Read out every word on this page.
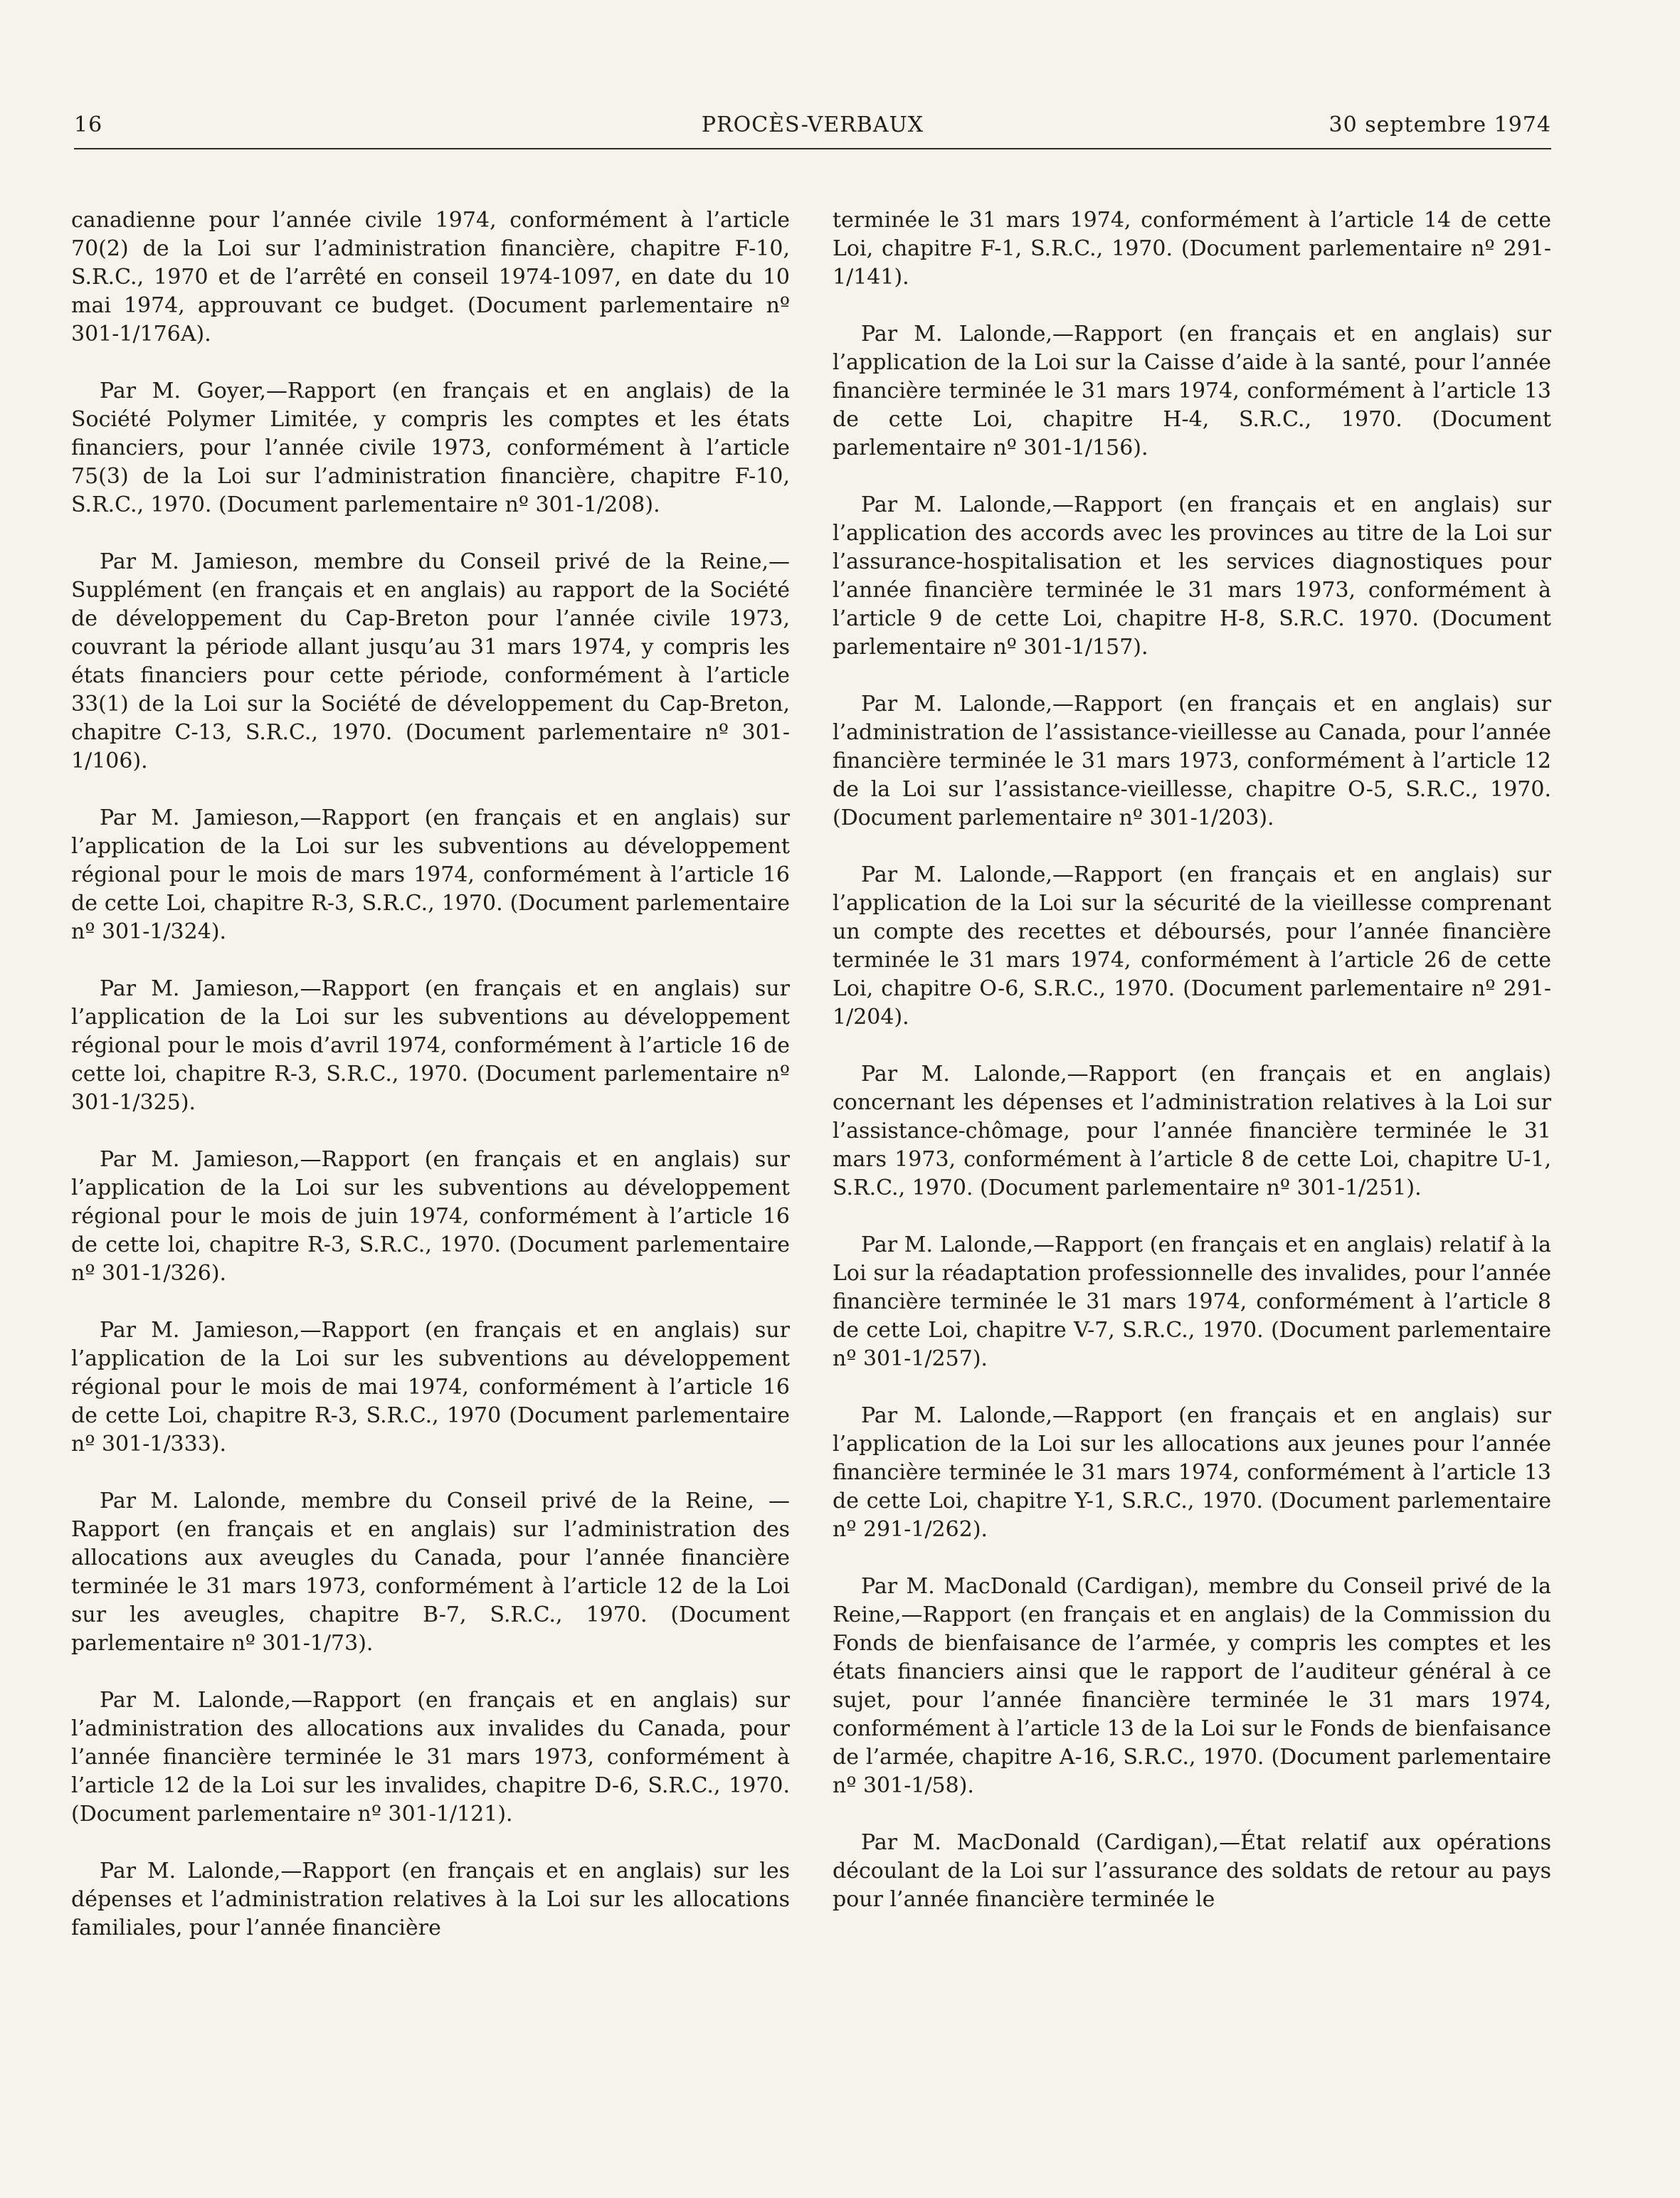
16	PROCÈS-VERBAUX	30 septembre 1974

canadienne pour l’année civile 1974, conformément à l’article 70(2) de la Loi sur l’administration financière, chapitre F-10, S.R.C., 1970 et de l’arrêté en conseil 1974-1097, en date du 10 mai 1974, approuvant ce budget. (Document parlementaire nº 301-1/176A).

Par M. Goyer,—Rapport (en français et en anglais) de la Société Polymer Limitée, y compris les comptes et les états financiers, pour l’année civile 1973, conformément à l’article 75(3) de la Loi sur l’administration financière, chapitre F-10, S.R.C., 1970. (Document parlementaire nº 301-1/208).

Par M. Jamieson, membre du Conseil privé de la Reine,—Supplément (en français et en anglais) au rapport de la Société de développement du Cap-Breton pour l’année civile 1973, couvrant la période allant jusqu’au 31 mars 1974, y compris les états financiers pour cette période, conformément à l’article 33(1) de la Loi sur la Société de développement du Cap-Breton, chapitre C-13, S.R.C., 1970. (Document parlementaire nº 301-1/106).

Par M. Jamieson,—Rapport (en français et en anglais) sur l’application de la Loi sur les subventions au développement régional pour le mois de mars 1974, conformément à l’article 16 de cette Loi, chapitre R-3, S.R.C., 1970. (Document parlementaire nº 301-1/324).

Par M. Jamieson,—Rapport (en français et en anglais) sur l’application de la Loi sur les subventions au développement régional pour le mois d’avril 1974, conformément à l’article 16 de cette loi, chapitre R-3, S.R.C., 1970. (Document parlementaire nº 301-1/325).

Par M. Jamieson,—Rapport (en français et en anglais) sur l’application de la Loi sur les subventions au développement régional pour le mois de juin 1974, conformément à l’article 16 de cette loi, chapitre R-3, S.R.C., 1970. (Document parlementaire nº 301-1/326).

Par M. Jamieson,—Rapport (en français et en anglais) sur l’application de la Loi sur les subventions au développement régional pour le mois de mai 1974, conformément à l’article 16 de cette Loi, chapitre R-3, S.R.C., 1970 (Document parlementaire nº 301-1/333).

Par M. Lalonde, membre du Conseil privé de la Reine, —Rapport (en français et en anglais) sur l’administration des allocations aux aveugles du Canada, pour l’année financière terminée le 31 mars 1973, conformément à l’article 12 de la Loi sur les aveugles, chapitre B-7, S.R.C., 1970. (Document parlementaire nº 301-1/73).

Par M. Lalonde,—Rapport (en français et en anglais) sur l’administration des allocations aux invalides du Canada, pour l’année financière terminée le 31 mars 1973, conformément à l’article 12 de la Loi sur les invalides, chapitre D-6, S.R.C., 1970. (Document parlementaire nº 301-1/121).

Par M. Lalonde,—Rapport (en français et en anglais) sur les dépenses et l’administration relatives à la Loi sur les allocations familiales, pour l’année financière

terminée le 31 mars 1974, conformément à l’article 14 de cette Loi, chapitre F-1, S.R.C., 1970. (Document parlementaire nº 291-1/141).

Par M. Lalonde,—Rapport (en français et en anglais) sur l’application de la Loi sur la Caisse d’aide à la santé, pour l’année financière terminée le 31 mars 1974, conformément à l’article 13 de cette Loi, chapitre H-4, S.R.C., 1970. (Document parlementaire nº 301-1/156).

Par M. Lalonde,—Rapport (en français et en anglais) sur l’application des accords avec les provinces au titre de la Loi sur l’assurance-hospitalisation et les services diagnostiques pour l’année financière terminée le 31 mars 1973, conformément à l’article 9 de cette Loi, chapitre H-8, S.R.C. 1970. (Document parlementaire nº 301-1/157).

Par M. Lalonde,—Rapport (en français et en anglais) sur l’administration de l’assistance-vieillesse au Canada, pour l’année financière terminée le 31 mars 1973, conformément à l’article 12 de la Loi sur l’assistance-vieillesse, chapitre O-5, S.R.C., 1970. (Document parlementaire nº 301-1/203).

Par M. Lalonde,—Rapport (en français et en anglais) sur l’application de la Loi sur la sécurité de la vieillesse comprenant un compte des recettes et déboursés, pour l’année financière terminée le 31 mars 1974, conformément à l’article 26 de cette Loi, chapitre O-6, S.R.C., 1970. (Document parlementaire nº 291-1/204).

Par M. Lalonde,—Rapport (en français et en anglais) concernant les dépenses et l’administration relatives à la Loi sur l’assistance-chômage, pour l’année financière terminée le 31 mars 1973, conformément à l’article 8 de cette Loi, chapitre U-1, S.R.C., 1970. (Document parlementaire nº 301-1/251).

Par M. Lalonde,—Rapport (en français et en anglais) relatif à la Loi sur la réadaptation professionnelle des invalides, pour l’année financière terminée le 31 mars 1974, conformément à l’article 8 de cette Loi, chapitre V-7, S.R.C., 1970. (Document parlementaire nº 301-1/257).

Par M. Lalonde,—Rapport (en français et en anglais) sur l’application de la Loi sur les allocations aux jeunes pour l’année financière terminée le 31 mars 1974, conformément à l’article 13 de cette Loi, chapitre Y-1, S.R.C., 1970. (Document parlementaire nº 291-1/262).

Par M. MacDonald (Cardigan), membre du Conseil privé de la Reine,—Rapport (en français et en anglais) de la Commission du Fonds de bienfaisance de l’armée, y compris les comptes et les états financiers ainsi que le rapport de l’auditeur général à ce sujet, pour l’année financière terminée le 31 mars 1974, conformément à l’article 13 de la Loi sur le Fonds de bienfaisance de l’armée, chapitre A-16, S.R.C., 1970. (Document parlementaire nº 301-1/58).

Par M. MacDonald (Cardigan),—État relatif aux opérations découlant de la Loi sur l’assurance des soldats de retour au pays pour l’année financière terminée le
